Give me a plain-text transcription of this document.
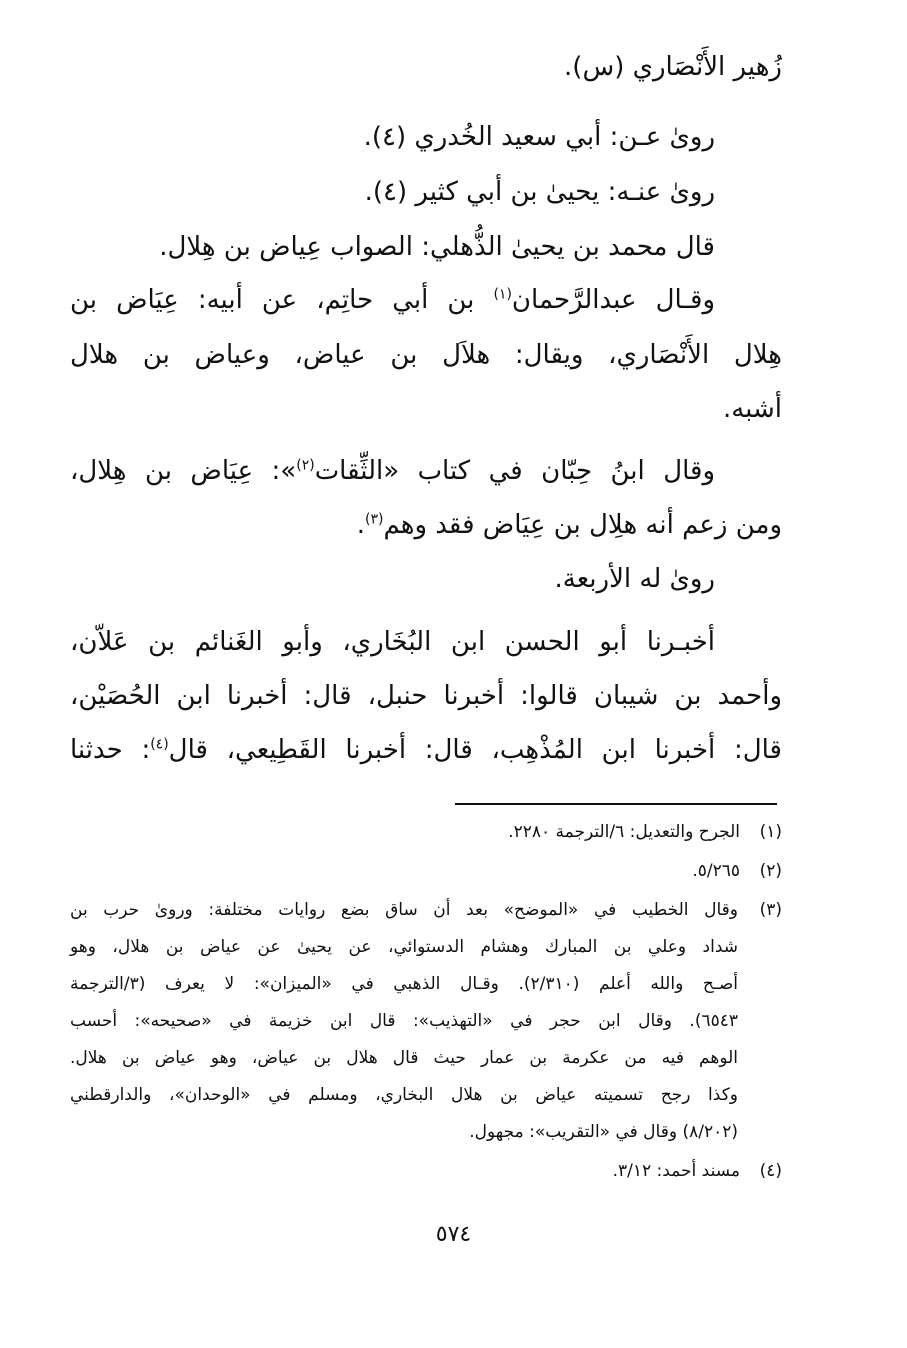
زُهير الأَنْصَاري (س).
روىٰ عـن: أبي سعيد الخُدري (٤).
روىٰ عنـه: يحيىٰ بن أبي كثير (٤).
قال محمد بن يحيىٰ الذُّهلي: الصواب عِياض بن هِلال.
وقـال عبدالرَّحمان$^{(١)}$ بن أبي حاتِم، عن أبيه: عِيَاض بن
هِلال الأَنْصَاري، ويقال: هلاَل بن عياض، وعياض بن هلال
أشبه.
وقال ابنُ حِبّان في كتاب «الثِّقات$^{(٢)}$»: عِيَاض بن هِلال،
ومن زعم أنه هلِال بن عِيَاض فقد وهم$^{(٣)}$.
روىٰ له الأربعة.
أخبـرنا أبو الحسن ابن البُخَاري، وأبو الغَنائم بن عَلاّن،
وأحمد بن شيبان قالوا: أخبرنا حنبل، قال: أخبرنا ابن الحُصَيْن،
قال: أخبرنا ابن المُذْهِب، قال: أخبرنا القَطِيعي، قال$^{(٤)}$: حدثنا
(١)
الجرح والتعديل: ٦/الترجمة ٢٢٨٠.
(٢)
٥/٢٦٥.
(٣)
وقال الخطيب في «الموضح» بعد أن ساق بضع روايات مختلفة: وروىٰ حرب بن
شداد وعلي بن المبارك وهشام الدستوائي، عن يحيىٰ عن عياض بن هلال، وهو
أصـح والله أعلم (٢/٣١٠). وقـال الذهبي في «الميزان»: لا يعرف (٣/الترجمة
٦٥٤٣). وقال ابن حجر في «التهذيب»: قال ابن خزيمة في «صحيحه»: أحسب
الوهم فيه من عكرمة بن عمار حيث قال هلال بن عياض، وهو عياض بن هلال.
وكذا رجح تسميته عياض بن هلال البخاري، ومسلم في «الوحدان»، والدارقطني
(٨/٢٠٢) وقال في «التقريب»: مجهول.
(٤)
مسند أحمد: ٣/١٢.
٥٧٤
